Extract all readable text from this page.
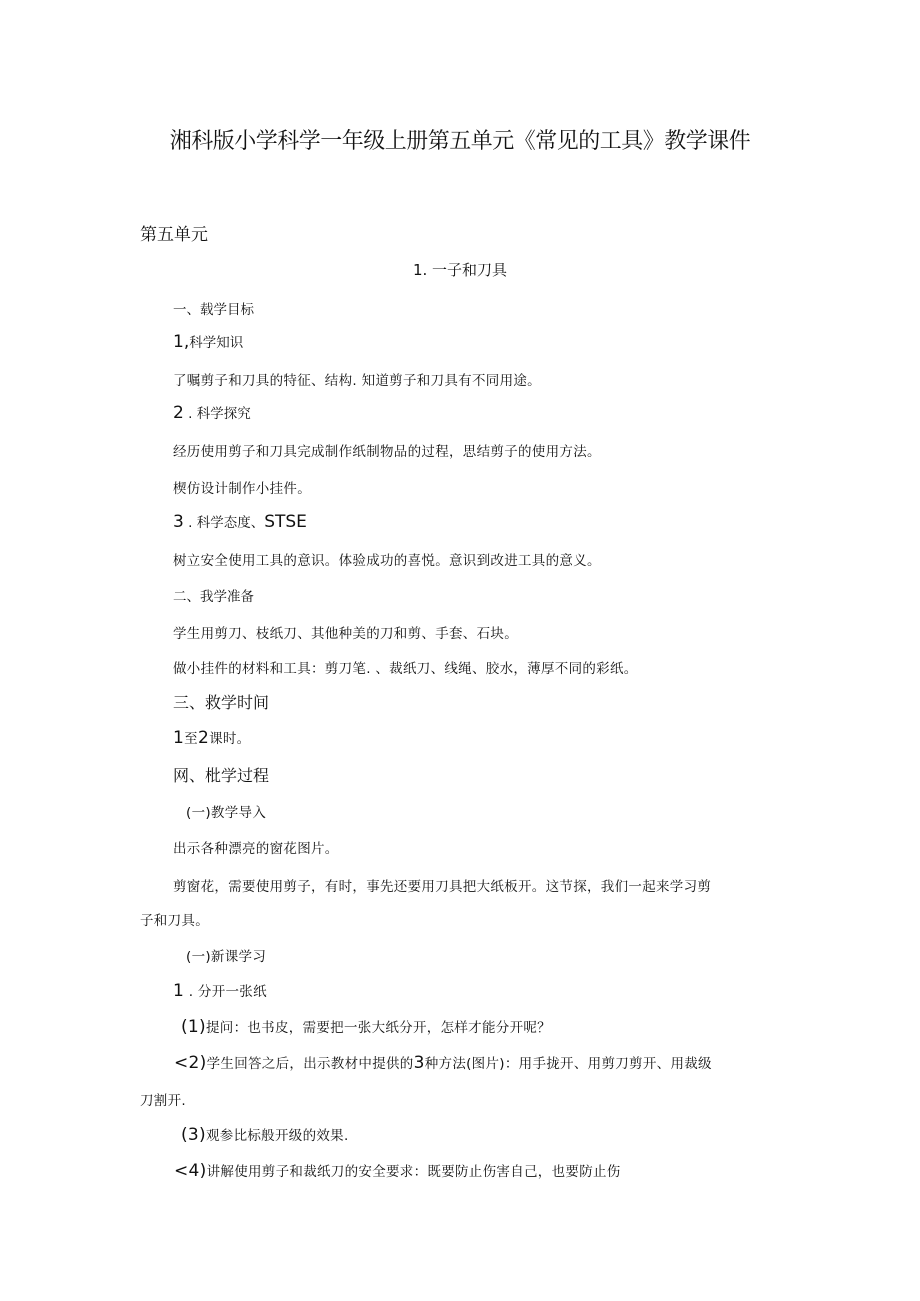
湘科版小学科学一年级上册第五单元《常见的工具》教学课件
第五单元
1. 一子和刀具
一、载学目标
1,科学知识
了嘱剪子和刀具的特征、结构. 知道剪子和刀具有不同用途。
2 . 科学探究
经历使用剪子和刀具完成制作纸制物品的过程，思结剪子的使用方法。
楔仿设计制作小挂件。
3 . 科学态度、STSE
树立安全使用工具的意识。体验成功的喜悦。意识到改进工具的意义。
二、我学准备
学生用剪刀、枝纸刀、其他种美的刀和剪、手套、石块。
做小挂件的材料和工具：剪刀笔. 、裁纸刀、线绳、胶水，薄厚不同的彩纸。
三、救学时间
1至2课时。
网、枇学过程
(一)教学导入
出示各种漂亮的窗花图片。
剪窗花，需要使用剪子，有时，事先还要用刀具把大纸板开。这节探，我们一起来学习剪
子和刀具。
(一)新课学习
1 . 分开一张纸
(1)提问：也书皮，需要把一张大纸分开，怎样才能分开呢？
<2)学生回答之后，出示教材中提供的3种方法(图片)：用手拢开、用剪刀剪开、用裁级
刀割开.
(3)观参比标般开级的效果.
<4)讲解使用剪子和裁纸刀的安全要求：既要防止伤害自己，也要防止伤
